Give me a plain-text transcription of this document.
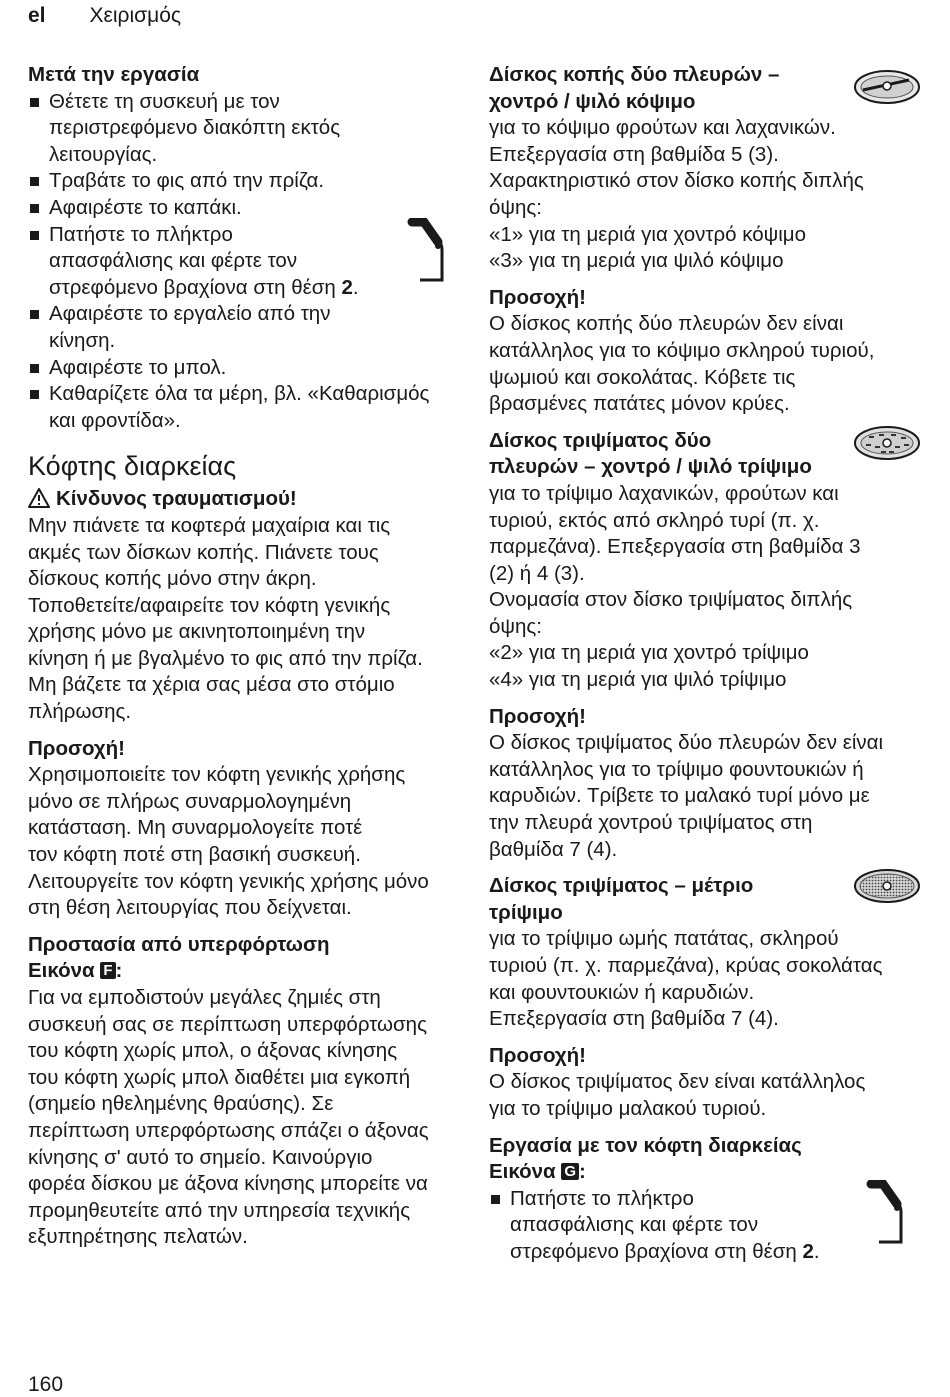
el Χειρισμός

Μετά την εργασία

Θέτετε τη συσκευή με τον
περιστρεφόμενο διακόπτη εκτός
λειτουργίας.
Τραβάτε το φις από την πρίζα.
Αφαιρέστε το καπάκι.
Πατήστε το πλήκτρο
απασφάλισης και φέρτε τον
στρεφόμενο βραχίονα στη θέση 2.
Αφαιρέστε το εργαλείο από την
κίνηση.
Αφαιρέστε το μπολ.
Καθαρίζετε όλα τα μέρη, βλ. «Καθαρισμός
και φροντίδα».

Κόφτης διαρκείας

Κίνδυνος τραυματισμού!

Μην πιάνετε τα κοφτερά μαχαίρια και τις
ακμές των δίσκων κοπής. Πιάνετε τους
δίσκους κοπής μόνο στην άκρη.
Τοποθετείτε/αφαιρείτε τον κόφτη γενικής
χρήσης μόνο με ακινητοποιημένη την
κίνηση ή με βγαλμένο το φις από την πρίζα.
Μη βάζετε τα χέρια σας μέσα στο στόμιο
πλήρωσης.

Προσοχή!

Χρησιμοποιείτε τον κόφτη γενικής χρήσης
μόνο σε πλήρως συναρμολογημένη
κατάσταση. Μη συναρμολογείτε ποτέ
τον κόφτη ποτέ στη βασική συσκευή.
Λειτουργείτε τον κόφτη γενικής χρήσης μόνο
στη θέση λειτουργίας που δείχνεται.

Προστασία από υπερφόρτωση
Εικόνα F :

Για να εμποδιστούν μεγάλες ζημιές στη
συσκευή σας σε περίπτωση υπερφόρτωσης
του κόφτη χωρίς μπολ, ο άξονας κίνησης
του κόφτη χωρίς μπολ διαθέτει μια εγκοπή
(σημείο ηθελημένης θραύσης). Σε
περίπτωση υπερφόρτωσης σπάζει ο άξονας
κίνησης σ' αυτό το σημείο. Καινούργιο
φορέα δίσκου με άξονα κίνησης μπορείτε να
προμηθευτείτε από την υπηρεσία τεχνικής
εξυπηρέτησης πελατών.

Δίσκος κοπής δύο πλευρών –
χοντρό / ψιλό κόψιμο

για το κόψιμο φρούτων και λαχανικών.
Επεξεργασία στη βαθμίδα 5 (3).
Χαρακτηριστικό στον δίσκο κοπής διπλής
όψης:
«1» για τη μεριά για χοντρό κόψιμο
«3» για τη μεριά για ψιλό κόψιμο

Προσοχή!

Ο δίσκος κοπής δύο πλευρών δεν είναι
κατάλληλος για το κόψιμο σκληρού τυριού,
ψωμιού και σοκολάτας. Κόβετε τις
βρασμένες πατάτες μόνον κρύες.

Δίσκος τριψίματος δύο
πλευρών – χοντρό / ψιλό τρίψιμο

για το τρίψιμο λαχανικών, φρούτων και
τυριού, εκτός από σκληρό τυρί (π. χ.
παρμεζάνα). Επεξεργασία στη βαθμίδα 3
(2) ή 4 (3).
Ονομασία στον δίσκο τριψίματος διπλής
όψης:
«2» για τη μεριά για χοντρό τρίψιμο
«4» για τη μεριά για ψιλό τρίψιμο

Προσοχή!

Ο δίσκος τριψίματος δύο πλευρών δεν είναι
κατάλληλος για το τρίψιμο φουντουκιών ή
καρυδιών. Τρίβετε το μαλακό τυρί μόνο με
την πλευρά χοντρού τριψίματος στη
βαθμίδα 7 (4).

Δίσκος τριψίματος – μέτριο
τρίψιμο

για το τρίψιμο ωμής πατάτας, σκληρού
τυριού (π. χ. παρμεζάνα), κρύας σοκολάτας
και φουντουκιών ή καρυδιών.
Επεξεργασία στη βαθμίδα 7 (4).

Προσοχή!

Ο δίσκος τριψίματος δεν είναι κατάλληλος
για το τρίψιμο μαλακού τυριού.

Εργασία με τον κόφτη διαρκείας
Εικόνα G :

Πατήστε το πλήκτρο
απασφάλισης και φέρτε τον
στρεφόμενο βραχίονα στη θέση 2.
160
